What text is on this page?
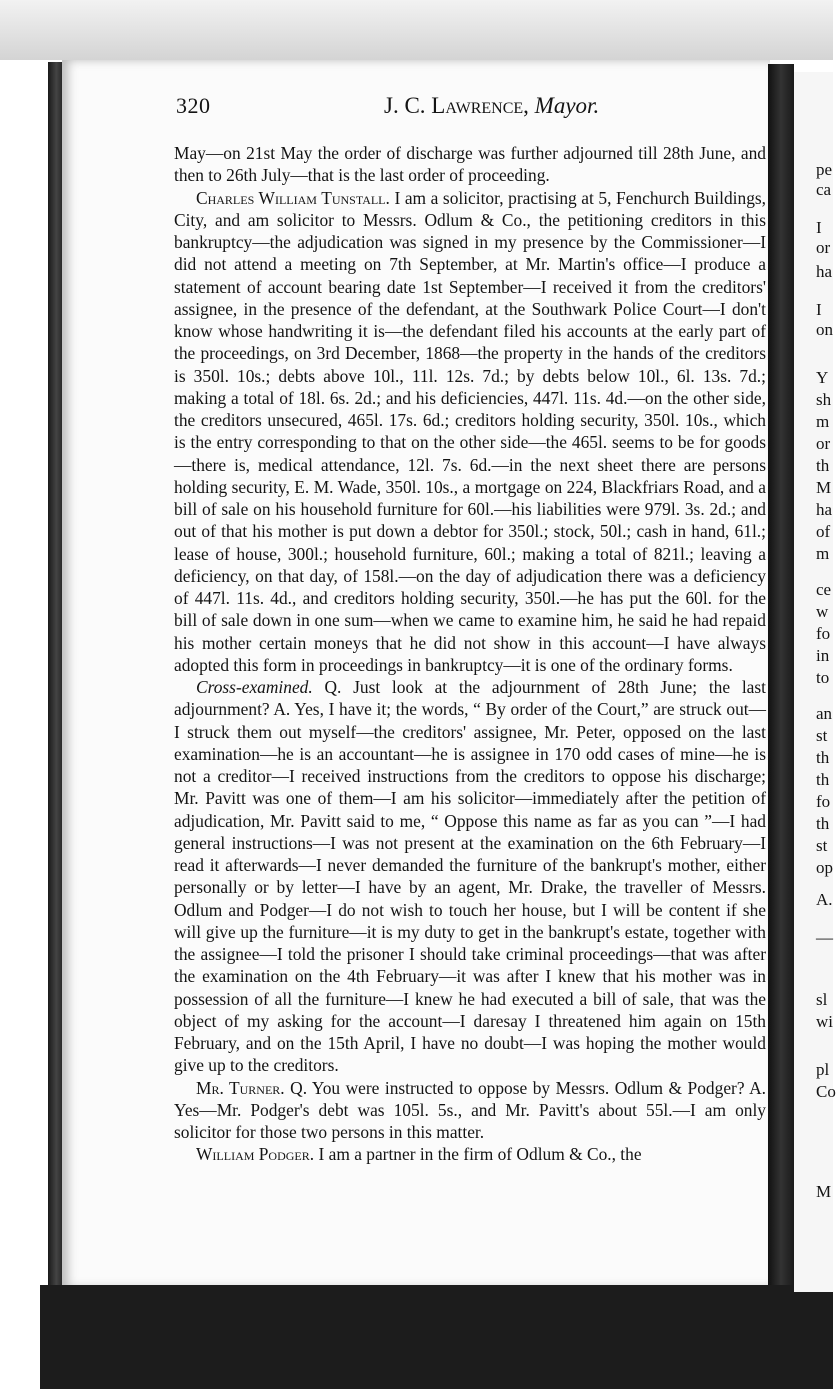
pe
ca
I
or
ha
I
on
Y
sh
m
or
th
M
ha
of
m
ce
w
fo
in
to
an
st
th
th
fo
th
st
op
A.
—
sl
wi
pl
Co
M
320	J. C. Lawrence, Mayor.

May—on 21st May the order of discharge was further adjourned till 28th June, and then to 26th July—that is the last order of proceeding.

Charles William Tunstall. I am a solicitor, practising at 5, Fenchurch Buildings, City, and am solicitor to Messrs. Odlum & Co., the petitioning creditors in this bankruptcy—the adjudication was signed in my presence by the Commissioner—I did not attend a meeting on 7th September, at Mr. Martin's office—I produce a statement of account bearing date 1st September—I received it from the creditors' assignee, in the presence of the defendant, at the Southwark Police Court—I don't know whose handwriting it is—the defendant filed his accounts at the early part of the proceedings, on 3rd December, 1868—the property in the hands of the creditors is 350l. 10s.; debts above 10l., 11l. 12s. 7d.; by debts below 10l., 6l. 13s. 7d.; making a total of 18l. 6s. 2d.; and his deficiencies, 447l. 11s. 4d.—on the other side, the creditors unsecured, 465l. 17s. 6d.; creditors holding security, 350l. 10s., which is the entry corresponding to that on the other side—the 465l. seems to be for goods—there is, medical attendance, 12l. 7s. 6d.—in the next sheet there are persons holding security, E. M. Wade, 350l. 10s., a mortgage on 224, Blackfriars Road, and a bill of sale on his household furniture for 60l.—his liabilities were 979l. 3s. 2d.; and out of that his mother is put down a debtor for 350l.; stock, 50l.; cash in hand, 61l.; lease of house, 300l.; household furniture, 60l.; making a total of 821l.; leaving a deficiency, on that day, of 158l.—on the day of adjudication there was a deficiency of 447l. 11s. 4d., and creditors holding security, 350l.—he has put the 60l. for the bill of sale down in one sum—when we came to examine him, he said he had repaid his mother certain moneys that he did not show in this account—I have always adopted this form in proceedings in bankruptcy—it is one of the ordinary forms.

Cross-examined. Q. Just look at the adjournment of 28th June; the last adjournment? A. Yes, I have it; the words, “ By order of the Court,” are struck out—I struck them out myself—the creditors' assignee, Mr. Peter, opposed on the last examination—he is an accountant—he is assignee in 170 odd cases of mine—he is not a creditor—I received instructions from the creditors to oppose his discharge; Mr. Pavitt was one of them—I am his solicitor—immediately after the petition of adjudication, Mr. Pavitt said to me, “ Oppose this name as far as you can ”—I had general instructions—I was not present at the examination on the 6th February—I read it afterwards—I never demanded the furniture of the bankrupt's mother, either personally or by letter—I have by an agent, Mr. Drake, the traveller of Messrs. Odlum and Podger—I do not wish to touch her house, but I will be content if she will give up the furniture—it is my duty to get in the bankrupt's estate, together with the assignee—I told the prisoner I should take criminal proceedings—that was after the examination on the 4th February—it was after I knew that his mother was in possession of all the furniture—I knew he had executed a bill of sale, that was the object of my asking for the account—I daresay I threatened him again on 15th February, and on the 15th April, I have no doubt—I was hoping the mother would give up to the creditors.

Mr. Turner. Q. You were instructed to oppose by Messrs. Odlum & Podger? A. Yes—Mr. Podger's debt was 105l. 5s., and Mr. Pavitt's about 55l.—I am only solicitor for those two persons in this matter.

William Podger. I am a partner in the firm of Odlum & Co., the
